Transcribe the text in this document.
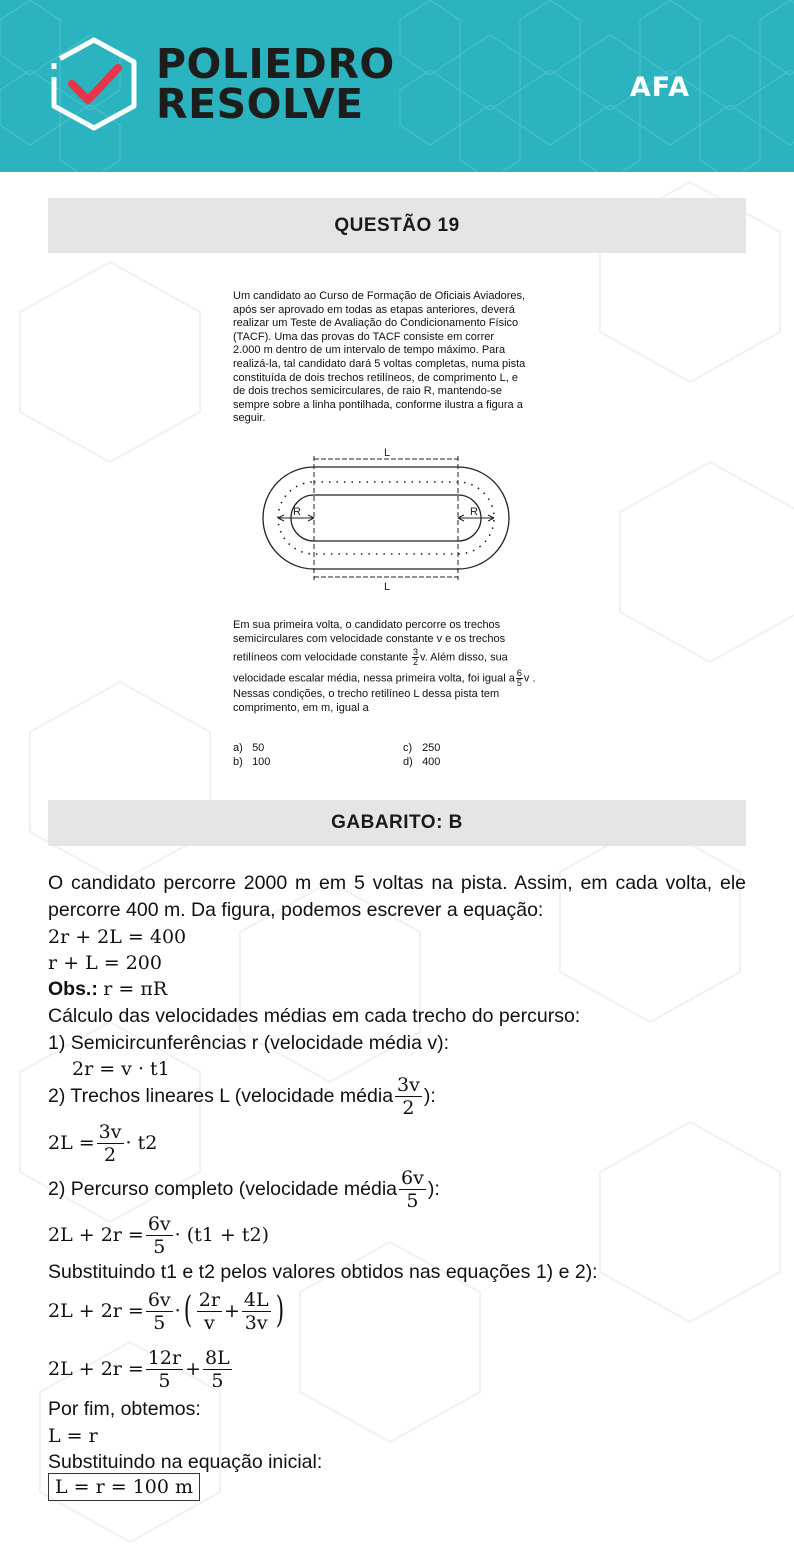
POLIEDRO
RESOLVE	AFA
QUESTÃO 19
Um candidato ao Curso de Formação de Oficiais Aviadores,
após ser aprovado em todas as etapas anteriores, deverá
realizar um Teste de Avaliação do Condicionamento Físico
(TACF). Uma das provas do TACF consiste em correr
2.000 m dentro de um intervalo de tempo máximo. Para
realizá-la, tal candidato dará 5 voltas completas, numa pista
constituída de dois trechos retilíneos, de comprimento L, e
de dois trechos semicirculares, de raio R, mantendo-se
sempre sobre a linha pontilhada, conforme ilustra a figura a
seguir.
L
L
R	R
Em sua primeira volta, o candidato percorre os trechos
semicirculares com velocidade constante v e os trechos
retilíneos com velocidade constante $\frac{3}{2} v$. Além disso, sua
velocidade escalar média, nessa primeira volta, foi igual a $\frac{6}{5}$ v .
Nessas condições, o trecho retilíneo L dessa pista tem
comprimento, em m, igual a
a) 50
b) 100
c) 250
d) 400
GABARITO: B
O candidato percorre 2000 m em 5 voltas na pista. Assim, em cada volta, ele percorre 400 m. Da figura, podemos escrever a equação:
2r + 2L = 400
r + L = 200
Obs.: r = πR
Cálculo das velocidades médias em cada trecho do percurso:
1) Semicircunferências r (velocidade média v):
2r = v · t1
2) Trechos lineares L (velocidade média $\frac{3v}{2}$ ):
$2L = \frac{3v}{2} \cdot t2$
2) Percurso completo (velocidade média $\frac{6v}{5}$ ):
$2L + 2r = \frac{6v}{5} \cdot (t1 + t2)$
Substituindo t1 e t2 pelos valores obtidos nas equações 1) e 2):
$2L + 2r = \frac{6v}{5}$ · ( $\frac{2r}{v} + \frac{4L}{3v}$ )
$2L + 2r = \frac{12r}{5} + \frac{8L}{5}$
Por fim, obtemos:
L = r
Substituindo na equação inicial:
L = r = 100 m
